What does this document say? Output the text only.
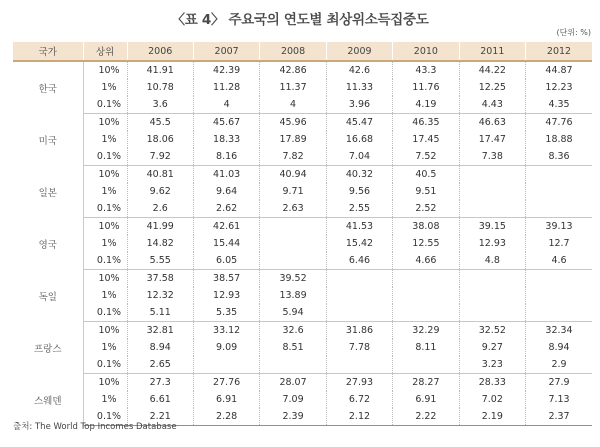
〈표 4〉 주요국의 연도별 최상위소득집중도
(단위: %)
국가	상위	2006	2007	2008	2009	2010	2011	2012
한국	10%	41.91	42.39	42.86	42.6	43.3	44.22	44.87
	1%	10.78	11.28	11.37	11.33	11.76	12.25	12.23
	0.1%	3.6	4	4	3.96	4.19	4.43	4.35
미국	10%	45.5	45.67	45.96	45.47	46.35	46.63	47.76
	1%	18.06	18.33	17.89	16.68	17.45	17.47	18.88
	0.1%	7.92	8.16	7.82	7.04	7.52	7.38	8.36
일본	10%	40.81	41.03	40.94	40.32	40.5		
	1%	9.62	9.64	9.71	9.56	9.51		
	0.1%	2.6	2.62	2.63	2.55	2.52		
영국	10%	41.99	42.61		41.53	38.08	39.15	39.13
	1%	14.82	15.44		15.42	12.55	12.93	12.7
	0.1%	5.55	6.05		6.46	4.66	4.8	4.6
독일	10%	37.58	38.57	39.52				
	1%	12.32	12.93	13.89				
	0.1%	5.11	5.35	5.94				
프랑스	10%	32.81	33.12	32.6	31.86	32.29	32.52	32.34
	1%	8.94	9.09	8.51	7.78	8.11	9.27	8.94
	0.1%	2.65					3.23	2.9
스웨덴	10%	27.3	27.76	28.07	27.93	28.27	28.33	27.9
	1%	6.61	6.91	7.09	6.72	6.91	7.02	7.13
	0.1%	2.21	2.28	2.39	2.12	2.22	2.19	2.37
출처: The World Top Incomes Database
